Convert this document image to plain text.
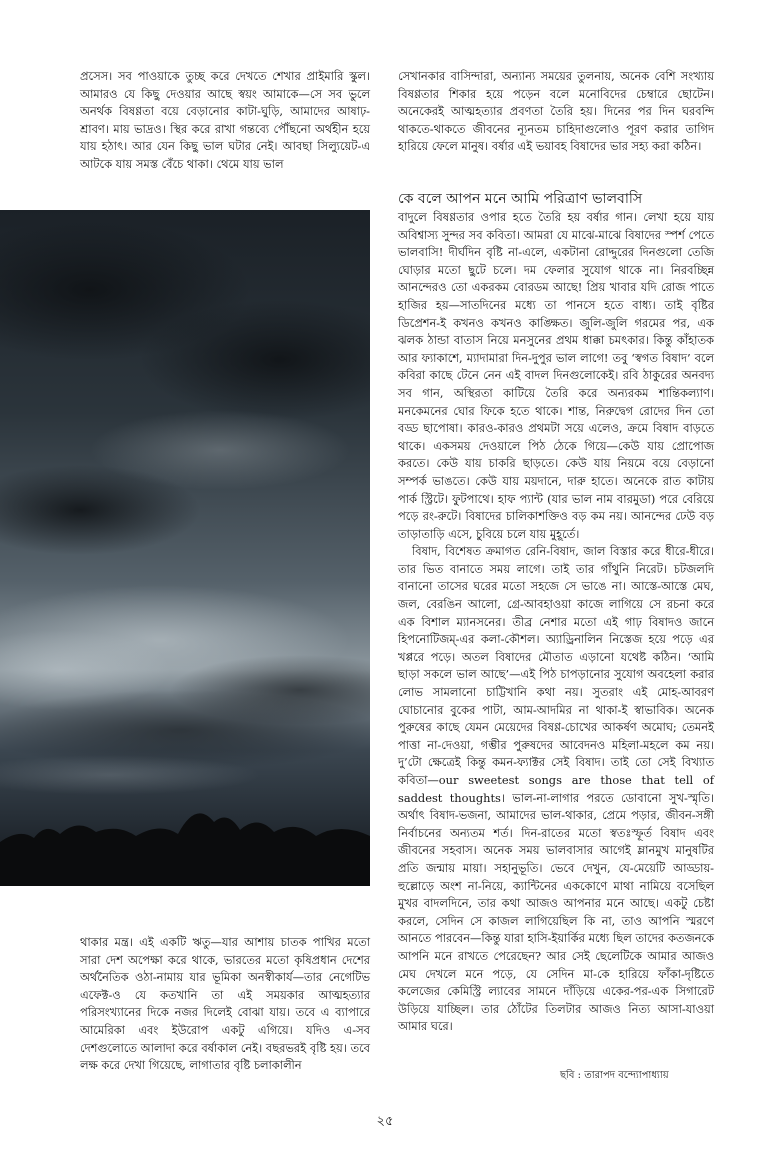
প্রসেস। সব পাওয়াকে তুচ্ছ করে দেখতে শেখার প্রাইমারি স্কুল। আমারও যে কিছু দেওয়ার আছে স্বয়ং আমাকে—সে সব ভুলে অনর্থক বিষণ্ণতা বয়ে বেড়ানোর কাটা-ঘুড়ি, আমাদের আষাঢ়-শ্রাবণ। মায় ভাদ্রও। স্থির করে রাখা গন্তব্যে পৌঁছনো অর্থহীন হয়ে যায় হঠাৎ। আর যেন কিছু ভাল ঘটার নেই। আবছা সিল্যুয়েট-এ আটকে যায় সমস্ত বেঁচে থাকা। থেমে যায় ভাল

সেখানকার বাসিন্দারা, অন্যান্য সময়ের তুলনায়, অনেক বেশি সংখ্যায় বিষণ্ণতার শিকার হয়ে পড়েন বলে মনোবিদের চেম্বারে ছোটেন। অনেকেরই আত্মহত্যার প্রবণতা তৈরি হয়। দিনের পর দিন ঘরবন্দি থাকতে-থাকতে জীবনের ন্যূনতম চাহিদাগুলোও পূরণ করার তাগিদ হারিয়ে ফেলে মানুষ। বর্ষার এই ভয়াবহ বিষাদের ভার সহ্য করা কঠিন।

কে বলে আপন মনে আমি পরিত্রাণ ভালবাসি

বাদুলে বিষণ্ণতার ওপার হতে তৈরি হয় বর্ষার গান। লেখা হয়ে যায় অবিশ্বাস্য সুন্দর সব কবিতা। আমরা যে মাঝে-মাঝে বিষাদের স্পর্শ পেতে ভালবাসি! দীর্ঘদিন বৃষ্টি না-এলে, একটানা রোদ্দুরের দিনগুলো তেজি ঘোড়ার মতো ছুটে চলে। দম ফেলার সুযোগ থাকে না। নিরবচ্ছিন্ন আনন্দেরও তো একরকম বোরডম আছে! প্রিয় খাবার যদি রোজ পাতে হাজির হয়—সাতদিনের মধ্যে তা পানসে হতে বাধ্য। তাই বৃষ্টির ডিপ্রেশন-ই কখনও কখনও কাঙ্ক্ষিত। জুলি-জুলি গরমের পর, এক ঝলক ঠান্ডা বাতাস নিয়ে মনসুনের প্রথম ধাক্কা চমৎকার। কিন্তু কাঁহাতক আর ফ্যাকাশে, ম্যাদামারা দিন-দুপুর ভাল লাগে! তবু ‘স্বগত বিষাদ’ বলে কবিরা কাছে টেনে নেন এই বাদল দিনগুলোকেই। রবি ঠাকুরের অনবদ্য সব গান, অস্থিরতা কাটিয়ে তৈরি করে অন্যরকম শান্তিকল্যাণ। মনকেমনের ঘোর ফিকে হতে থাকে। শান্ত, নিরুদ্বেগ রোদের দিন তো বড্ড ছাপোষা। কারও-কারও প্রথমটা সয়ে এলেও, ক্রমে বিষাদ বাড়তে থাকে। একসময় দেওয়ালে পিঠ ঠেকে গিয়ে—কেউ যায় প্রোপোজ করতে। কেউ যায় চাকরি ছাড়তে। কেউ যায় নিয়মে বয়ে বেড়ানো সম্পর্ক ভাঙতে। কেউ যায় ময়দানে, দারু হাতে। অনেকে রাত কাটায় পার্ক স্ট্রিটে। ফুটপাথে। হাফ প্যান্ট (যার ভাল নাম বারমুডা) পরে বেরিয়ে পড়ে রং-রুটে। বিষাদের চালিকাশক্তিও বড় কম নয়। আনন্দের ঢেউ বড় তাড়াতাড়ি এসে, চুবিয়ে চলে যায় মুহূর্তে।

বিষাদ, বিশেষত ক্রমাগত রেনি-বিষাদ, জাল বিস্তার করে ধীরে-ধীরে। তার ভিত বানাতে সময় লাগে। তাই তার গাঁথুনি নিরেট। চটজলদি বানানো তাসের ঘরের মতো সহজে সে ভাঙে না। আস্তে-আস্তে মেঘ, জল, বেরঙিন আলো, গ্রে-আবহাওয়া কাজে লাগিয়ে সে রচনা করে এক বিশাল ম্যানসনের। তীব্র নেশার মতো এই গাঢ় বিষাদও জানে হিপনোটিজম্-এর কলা-কৌশল। অ্যাড্রিনালিন নিস্তেজ হয়ে পড়ে এর খপ্পরে পড়ে। অতল বিষাদের মৌতাত এড়ানো যথেষ্ট কঠিন। ‘আমি ছাড়া সকলে ভাল আছে’—এই পিঠ চাপড়ানোর সুযোগ অবহেলা করার লোভ সামলানো চাট্টিখানি কথা নয়। সুতরাং এই মোহ-আবরণ ঘোচানোর বুকের পাটা, আম-আদমির না থাকা-ই স্বাভাবিক। অনেক পুরুষের কাছে যেমন মেয়েদের বিষণ্ণ-চোখের আকর্ষণ অমোঘ; তেমনই পাত্তা না-দেওয়া, গম্ভীর পুরুষদের আবেদনও মহিলা-মহলে কম নয়। দু’টো ক্ষেত্রেই কিন্তু কমন-ফ্যাক্টর সেই বিষাদ। তাই তো সেই বিখ্যাত কবিতা—our sweetest songs are those that tell of saddest thoughts। ভাল-না-লাগার পরতে ডোবানো সুখ-স্মৃতি। অর্থাৎ বিষাদ-ভজনা, আমাদের ভাল-থাকার, প্রেমে পড়ার, জীবন-সঙ্গী নির্বাচনের অন্যতম শর্ত। দিন-রাতের মতো স্বতঃস্ফূর্ত বিষাদ এবং জীবনের সহবাস। অনেক সময় ভালবাসার আগেই ম্লানমুখ মানুষটির প্রতি জন্মায় মায়া। সহানুভূতি। ভেবে দেখুন, যে-মেয়েটি আড্ডায়-হুল্লোড়ে অংশ না-নিয়ে, ক্যান্টিনের এককোণে মাথা নামিয়ে বসেছিল মুখর বাদলদিনে, তার কথা আজও আপনার মনে আছে। একটু চেষ্টা করলে, সেদিন সে কাজল লাগিয়েছিল কি না, তাও আপনি স্মরণে আনতে পারবেন—কিন্তু যারা হাসি-ইয়ার্কির মধ্যে ছিল তাদের কতজনকে আপনি মনে রাখতে পেরেছেন? আর সেই ছেলেটিকে আমার আজও মেঘ দেখলে মনে পড়ে, যে সেদিন মা-কে হারিয়ে ফাঁকা-দৃষ্টিতে কলেজের কেমিস্ট্রি ল্যাবের সামনে দাঁড়িয়ে একের-পর-এক সিগারেট উড়িয়ে যাচ্ছিল। তার ঠোঁটের তিলটার আজও নিত্য আসা-যাওয়া আমার ঘরে।

থাকার মন্ত্র। এই একটি ঋতু—যার আশায় চাতক পাখির মতো সারা দেশ অপেক্ষা করে থাকে, ভারতের মতো কৃষিপ্রধান দেশের অর্থনৈতিক ওঠা-নামায় যার ভূমিকা অনস্বীকার্য—তার নেগেটিভ এফেক্ট-ও যে কতখানি তা এই সময়কার আত্মহত্যার পরিসংখ্যানের দিকে নজর দিলেই বোঝা যায়। তবে এ ব্যাপারে আমেরিকা এবং ইউরোপ একটু এগিয়ে। যদিও এ-সব দেশগুলোতে আলাদা করে বর্ষাকাল নেই। বছরভরই বৃষ্টি হয়। তবে লক্ষ করে দেখা গিয়েছে, লাগাতার বৃষ্টি চলাকালীন

ছবি : তারাপদ বন্দ্যোপাধ্যায়
২৫
